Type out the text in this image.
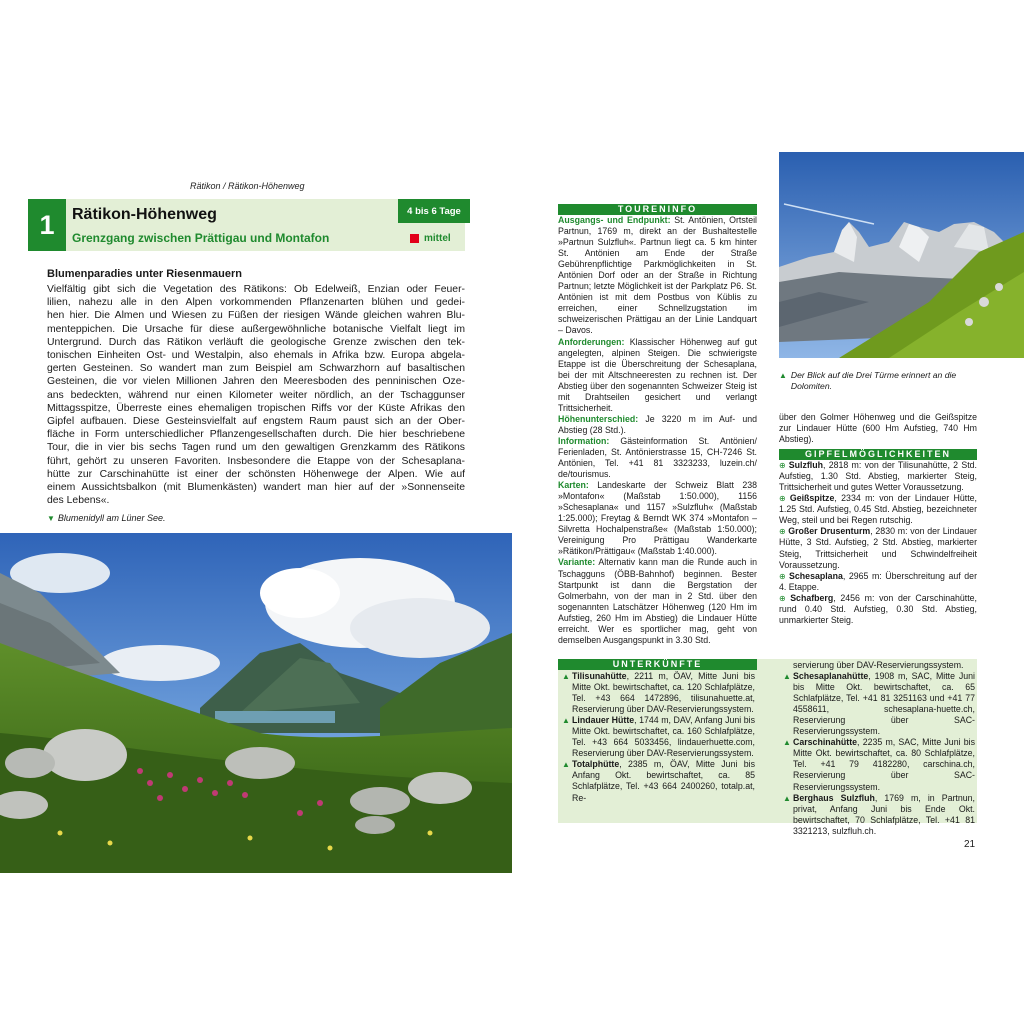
Rätikon / Rätikon-Höhenweg
1	Rätikon-Höhenweg
Grenzgang zwischen Prättigau und Montafon
4 bis 6 Tage
mittel
Blumenparadies unter Riesenmauern
Vielfältig gibt sich die Vegetation des Rätikons: Ob Edelweiß, Enzian oder Feuer-
lilien, nahezu alle in den Alpen vorkommenden Pflanzenarten blühen und gedei-
hen hier. Die Almen und Wiesen zu Füßen der riesigen Wände gleichen wahren Blu-
menteppichen. Die Ursache für diese außergewöhnliche botanische Vielfalt liegt im
Untergrund. Durch das Rätikon verläuft die geologische Grenze zwischen den tek-
tonischen Einheiten Ost- und Westalpin, also ehemals in Afrika bzw. Europa abgela-
gerten Gesteinen. So wandert man zum Beispiel am Schwarzhorn auf basaltischen
Gesteinen, die vor vielen Millionen Jahren den Meeresboden des penninischen Oze-
ans bedeckten, während nur einen Kilometer weiter nördlich, an der Tschaggunser
Mittagsspitze, Überreste eines ehemaligen tropischen Riffs vor der Küste Afrikas den
Gipfel aufbauen. Diese Gesteinsvielfalt auf engstem Raum paust sich an der Ober-
fläche in Form unterschiedlicher Pflanzengesellschaften durch. Die hier beschriebene
Tour, die in vier bis sechs Tagen rund um den gewaltigen Grenzkamm des Rätikons
führt, gehört zu unseren Favoriten. Insbesondere die Etappe von der Schesaplana-
hütte zur Carschinahütte ist einer der schönsten Höhenwege der Alpen. Wie auf
einem Aussichtsbalkon (mit Blumenkästen) wandert man hier auf der »Sonnenseite
des Lebens«.
▼ Blumenidyll am Lüner See.
▲ Der Blick auf die Drei Türme erinnert an die Dolomiten.
TOURENINFO

Ausgangs- und Endpunkt: St. Antönien, Ortsteil Partnun, 1769 m, direkt an der Bushaltestelle »Partnun Sulzfluh«. Partnun liegt ca. 5 km hinter St. Antönien am Ende der Straße Gebührenpflichtige Parkmöglichkeiten in St. Antönien Dorf oder an der Straße in Richtung Partnun; letzte Möglichkeit ist der Parkplatz P6. St. Antönien ist mit dem Postbus von Küblis zu erreichen, einer Schnellzugstation im schweizerischen Prättigau an der Linie Landquart – Davos.

Anforderungen: Klassischer Höhenweg auf gut angelegten, alpinen Steigen. Die schwierigste Etappe ist die Überschreitung der Schesaplana, bei der mit Altschneeresten zu rechnen ist. Der Abstieg über den sogenannten Schweizer Steig ist mit Drahtseilen gesichert und verlangt Trittsicherheit.

Höhenunterschied: Je 3220 m im Auf- und Abstieg (28 Std.).

Information: Gästeinformation St. Antönien/ Ferienladen, St. Antönierstrasse 15, CH-7246 St. Antönien, Tel. +41 81 3323233, luzein.ch/ de/tourismus.

Karten: Landeskarte der Schweiz Blatt 238 »Montafon« (Maßstab 1:50.000), 1156 »Schesaplana« und 1157 »Sulzfluh« (Maßstab 1:25.000); Freytag & Berndt WK 374 »Montafon – Silvretta Hochalpenstraße« (Maßstab 1:50.000); Vereinigung Pro Prättigau Wanderkarte »Rätikon/Prättigau« (Maßstab 1:40.000).

Variante: Alternativ kann man die Runde auch in Tschagguns (ÖBB-Bahnhof) beginnen. Bester Startpunkt ist dann die Bergstation der Golmerbahn, von der man in 2 Std. über den sogenannten Latschätzer Höhenweg (120 Hm im Aufstieg, 260 Hm im Abstieg) die Lindauer Hütte erreicht. Wer es sportlicher mag, geht von demselben Ausgangspunkt in 3.30 Std.

über den Golmer Höhenweg und die Geißspitze zur Lindauer Hütte (600 Hm Aufstieg, 740 Hm Abstieg).

GIPFELMÖGLICHKEITEN

⊕ Sulzfluh, 2818 m: von der Tilisunahütte, 2 Std. Aufstieg, 1.30 Std. Abstieg, markierter Steig, Trittsicherheit und gutes Wetter Voraussetzung.

⊕ Geißspitze, 2334 m: von der Lindauer Hütte, 1.25 Std. Aufstieg, 0.45 Std. Abstieg, bezeichneter Weg, steil und bei Regen rutschig.

⊕ Großer Drusenturm, 2830 m: von der Lindauer Hütte, 3 Std. Aufstieg, 2 Std. Abstieg, markierter Steig, Trittsicherheit und Schwindelfreiheit Voraussetzung.

⊕ Schesaplana, 2965 m: Überschreitung auf der 4. Etappe.

⊕ Schafberg, 2456 m: von der Carschinahütte, rund 0.40 Std. Aufstieg, 0.30 Std. Abstieg, unmarkierter Steig.

UNTERKÜNFTE

▲ Tilisunahütte, 2211 m, ÖAV, Mitte Juni bis Mitte Okt. bewirtschaftet, ca. 120 Schlafplätze, Tel. +43 664 1472896, tilisunahuette.at, Reservierung über DAV-Reservierungssystem.

▲ Lindauer Hütte, 1744 m, DAV, Anfang Juni bis Mitte Okt. bewirtschaftet, ca. 160 Schlafplätze, Tel. +43 664 5033456, lindauerhuette.com, Reservierung über DAV-Reservierungssystem.

▲ Totalphütte, 2385 m, ÖAV, Mitte Juni bis Anfang Okt. bewirtschaftet, ca. 85 Schlafplätze, Tel. +43 664 2400260, totalp.at, Re-

servierung über DAV-Reservierungssystem.

▲ Schesaplanahütte, 1908 m, SAC, Mitte Juni bis Mitte Okt. bewirtschaftet, ca. 65 Schlafplätze, Tel. +41 81 3251163 und +41 77 4558611, schesaplana-huette.ch, Reservierung über SAC-Reservierungssystem.

▲ Carschinahütte, 2235 m, SAC, Mitte Juni bis Mitte Okt. bewirtschaftet, ca. 80 Schlafplätze, Tel. +41 79 4182280, carschina.ch, Reservierung über SAC-Reservierungssystem.

▲ Berghaus Sulzfluh, 1769 m, in Partnun, privat, Anfang Juni bis Ende Okt. bewirtschaftet, 70 Schlafplätze, Tel. +41 81 3321213, sulzfluh.ch.

21
